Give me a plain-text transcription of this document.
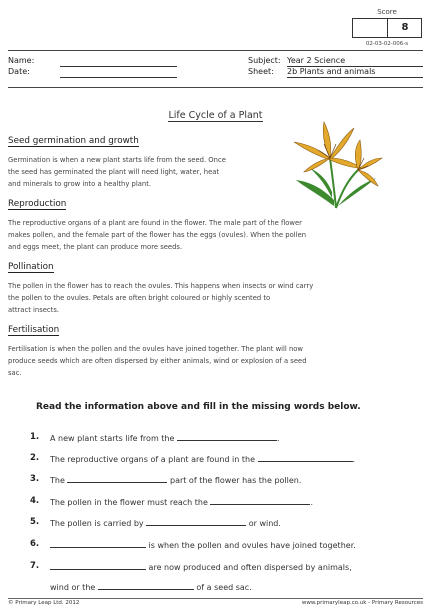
Score
8
02-03-02-006-s
Name:
Date:
Subject: Year 2 Science
Sheet: 2b Plants and animals
Life Cycle of a Plant
Seed germination and growth
Germination is when a new plant starts life from the seed. Once
the seed has germinated the plant will need light, water, heat
and minerals to grow into a healthy plant.
Reproduction
The reproductive organs of a plant are found in the flower. The male part of the flower
makes pollen, and the female part of the flower has the eggs (ovules). When the pollen
and eggs meet, the plant can produce more seeds.
Pollination
The pollen in the flower has to reach the ovules. This happens when insects or wind carry
the pollen to the ovules. Petals are often bright coloured or highly scented to
attract insects.
Fertilisation
Fertilisation is when the pollen and the ovules have joined together. The plant will now
produce seeds which are often dispersed by either animals, wind or explosion of a seed
sac.
Read the information above and fill in the missing words below.
1. A new plant starts life from the	.
2. The reproductive organs of a plant are found in the	.
3. The	part of the flower has the pollen.
4. The pollen in the flower must reach the	.
5. The pollen is carried by	or wind.
6.	is when the pollen and ovules have joined together.
7.	are now produced and often dispersed by animals,
wind or the	of a seed sac.
© Primary Leap Ltd. 2012	www.primaryleap.co.uk - Primary Resources
